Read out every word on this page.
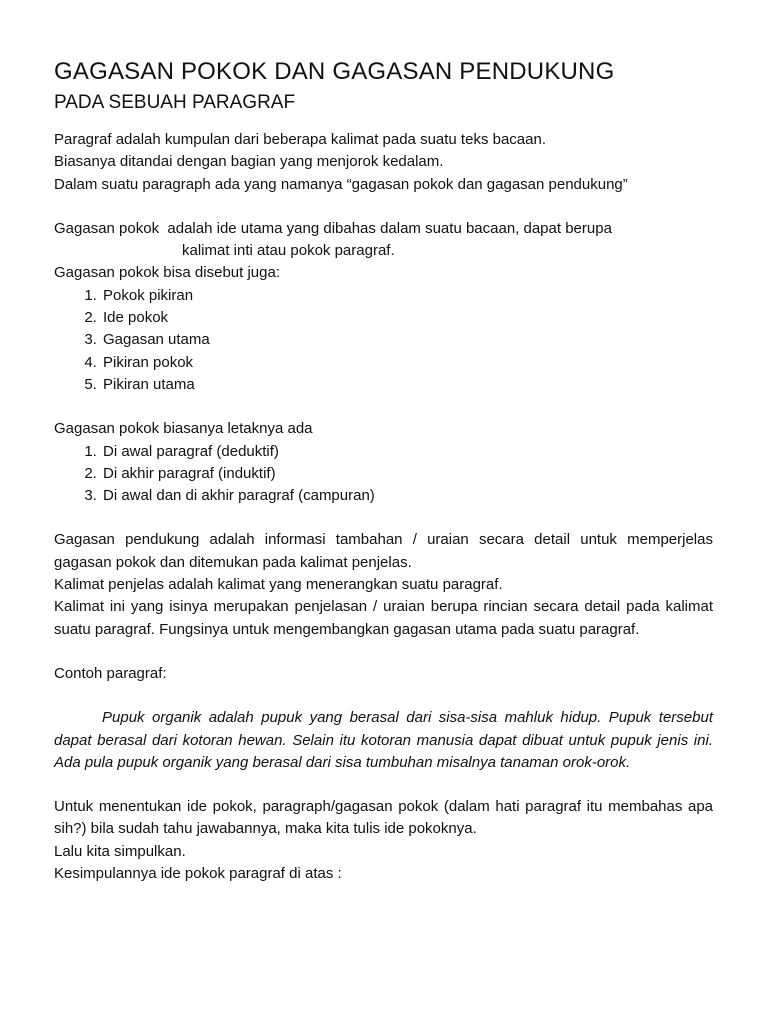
GAGASAN POKOK DAN GAGASAN PENDUKUNG
PADA SEBUAH PARAGRAF

Paragraf adalah kumpulan dari beberapa kalimat pada suatu teks bacaan.

Biasanya ditandai dengan bagian yang menjorok kedalam.

Dalam suatu paragraph ada yang namanya “gagasan pokok dan gagasan pendukung”

Gagasan pokok  adalah ide utama yang dibahas dalam suatu bacaan, dapat berupa

kalimat inti atau pokok paragraf.

Gagasan pokok bisa disebut juga:

1. Pokok pikiran
2. Ide pokok
3. Gagasan utama
4. Pikiran pokok
5. Pikiran utama

Gagasan pokok biasanya letaknya ada

1. Di awal paragraf (deduktif)
2. Di akhir paragraf (induktif)
3. Di awal dan di akhir paragraf (campuran)

Gagasan pendukung adalah informasi tambahan / uraian secara detail untuk memperjelas gagasan pokok dan ditemukan pada kalimat penjelas.

Kalimat penjelas adalah kalimat yang menerangkan suatu paragraf.

Kalimat ini yang isinya merupakan penjelasan / uraian berupa rincian secara detail pada kalimat suatu paragraf. Fungsinya untuk mengembangkan gagasan utama pada suatu paragraf.

Contoh paragraf:

Pupuk organik adalah pupuk yang berasal dari sisa-sisa mahluk hidup. Pupuk tersebut dapat berasal dari kotoran hewan. Selain itu kotoran manusia dapat dibuat untuk pupuk jenis ini. Ada pula pupuk organik yang berasal dari sisa tumbuhan misalnya tanaman orok-orok.

Untuk menentukan ide pokok, paragraph/gagasan pokok (dalam hati paragraf itu membahas apa sih?) bila sudah tahu jawabannya, maka kita tulis ide pokoknya.

Lalu kita simpulkan.

Kesimpulannya ide pokok paragraf di atas :
